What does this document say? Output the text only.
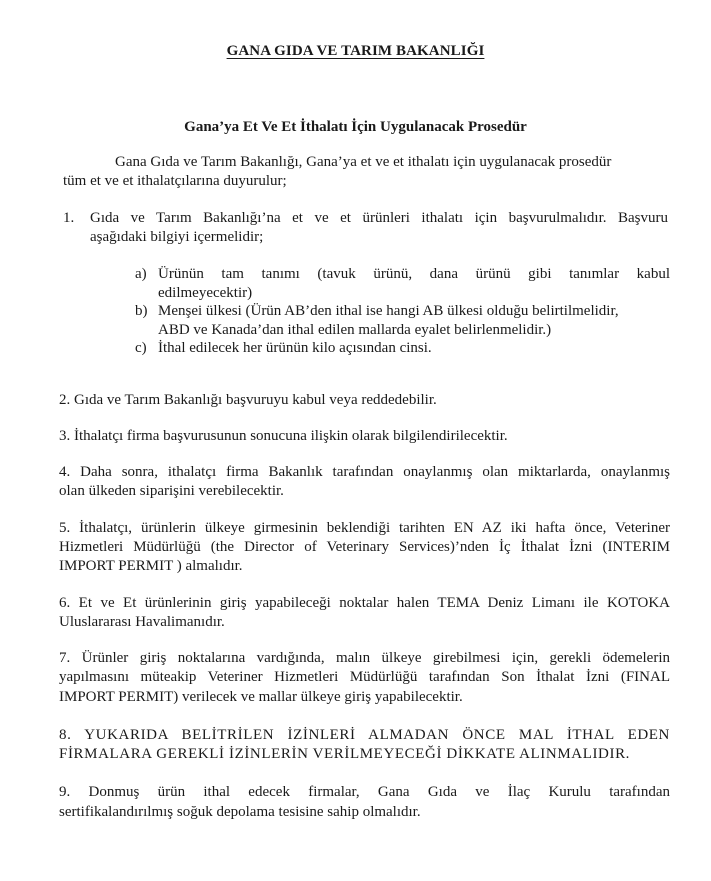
GANA GIDA VE TARIM BAKANLIĞI
Gana’ya Et Ve Et İthalatı İçin Uygulanacak Prosedür
Gana Gıda ve Tarım Bakanlığı, Gana’ya et ve et ithalatı için uygulanacak prosedür
tüm et ve et ithalatçılarına duyurulur;
1. Gıda ve Tarım Bakanlığı’na et ve et ürünleri ithalatı için başvurulmalıdır. Başvuru
aşağıdaki bilgiyi içermelidir;
a) Ürünün tam tanımı (tavuk ürünü, dana ürünü gibi tanımlar kabul
edilmeyecektir)
b) Menşei ülkesi (Ürün AB’den ithal ise hangi AB ülkesi olduğu belirtilmelidir,
ABD ve Kanada’dan ithal edilen mallarda eyalet belirlenmelidir.)
c) İthal edilecek her ürünün kilo açısından cinsi.
2. Gıda ve Tarım Bakanlığı başvuruyu kabul veya reddedebilir.
3. İthalatçı firma başvurusunun sonucuna ilişkin olarak bilgilendirilecektir.
4. Daha sonra, ithalatçı firma Bakanlık tarafından onaylanmış olan miktarlarda, onaylanmış
olan ülkeden siparişini verebilecektir.
5. İthalatçı, ürünlerin ülkeye girmesinin beklendiği tarihten EN AZ iki hafta önce, Veteriner
Hizmetleri Müdürlüğü (the Director of Veterinary Services)’nden İç İthalat İzni (INTERIM
IMPORT PERMIT ) almalıdır.
6. Et ve Et ürünlerinin giriş yapabileceği noktalar halen TEMA Deniz Limanı ile KOTOKA
Uluslararası Havalimanıdır.
7. Ürünler giriş noktalarına vardığında, malın ülkeye girebilmesi için, gerekli ödemelerin
yapılmasını müteakip Veteriner Hizmetleri Müdürlüğü tarafından Son İthalat İzni (FINAL
IMPORT PERMIT) verilecek ve mallar ülkeye giriş yapabilecektir.
8. YUKARIDA BELİTRİLEN İZİNLERİ ALMADAN ÖNCE MAL İTHAL EDEN
FİRMALARA GEREKLİ İZİNLERİN VERİLMEYECEĞİ DİKKATE ALINMALIDIR.
9. Donmuş ürün ithal edecek firmalar, Gana Gıda ve İlaç Kurulu tarafından
sertifikalandırılmış soğuk depolama tesisine sahip olmalıdır.
